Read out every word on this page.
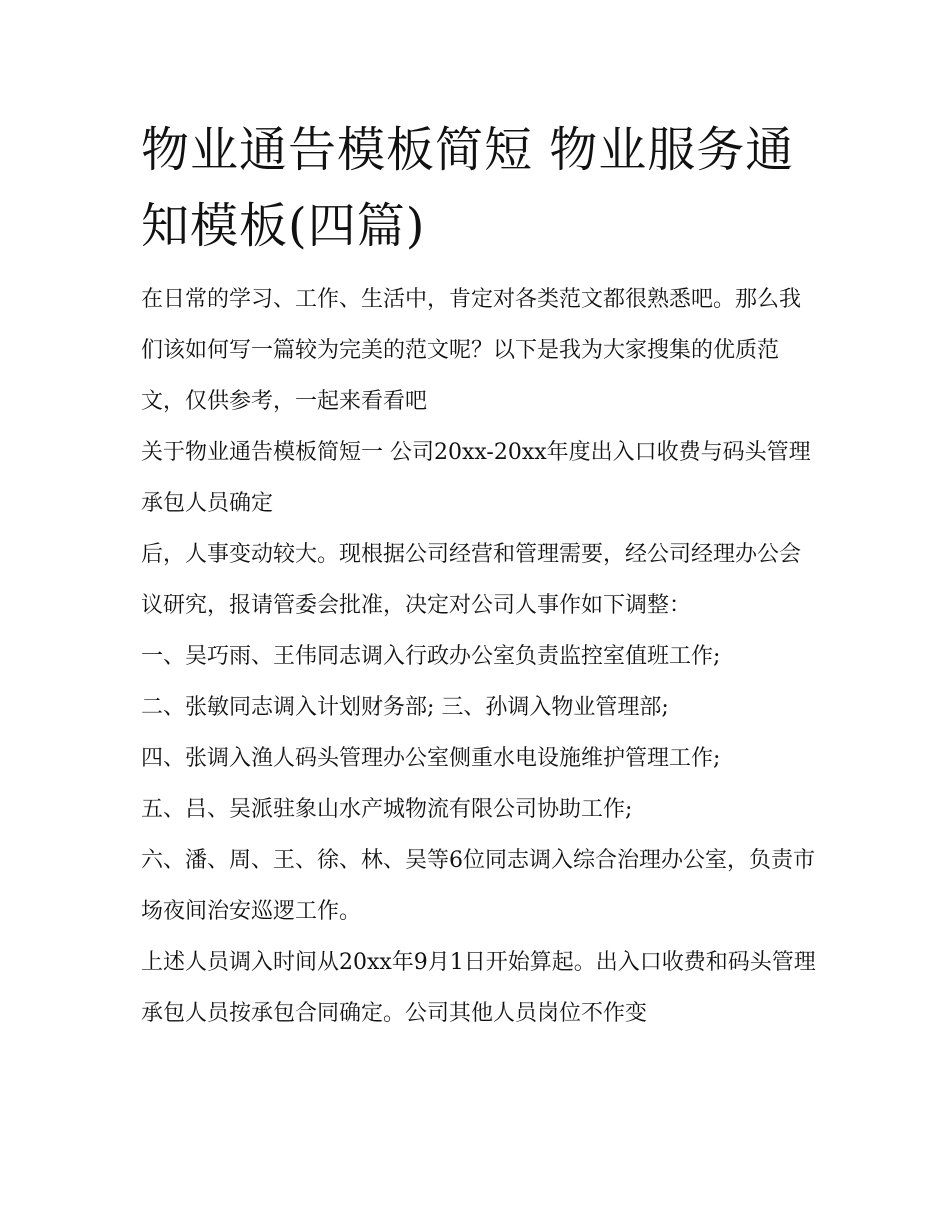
物业通告模板简短 物业服务通知模板(四篇)

在日常的学习、工作、生活中，肯定对各类范文都很熟悉吧。那么我们该如何写一篇较为完美的范文呢？以下是我为大家搜集的优质范文，仅供参考，一起来看看吧

关于物业通告模板简短一 公司20xx-20xx年度出入口收费与码头管理承包人员确定

后，人事变动较大。现根据公司经营和管理需要，经公司经理办公会议研究，报请管委会批准，决定对公司人事作如下调整：

一、吴巧雨、王伟同志调入行政办公室负责监控室值班工作;

二、张敏同志调入计划财务部; 三、孙调入物业管理部;

四、张调入渔人码头管理办公室侧重水电设施维护管理工作;

五、吕、吴派驻象山水产城物流有限公司协助工作;

六、潘、周、王、徐、林、吴等6位同志调入综合治理办公室，负责市场夜间治安巡逻工作。

上述人员调入时间从20xx年9月1日开始算起。出入口收费和码头管理承包人员按承包合同确定。公司其他人员岗位不作变
